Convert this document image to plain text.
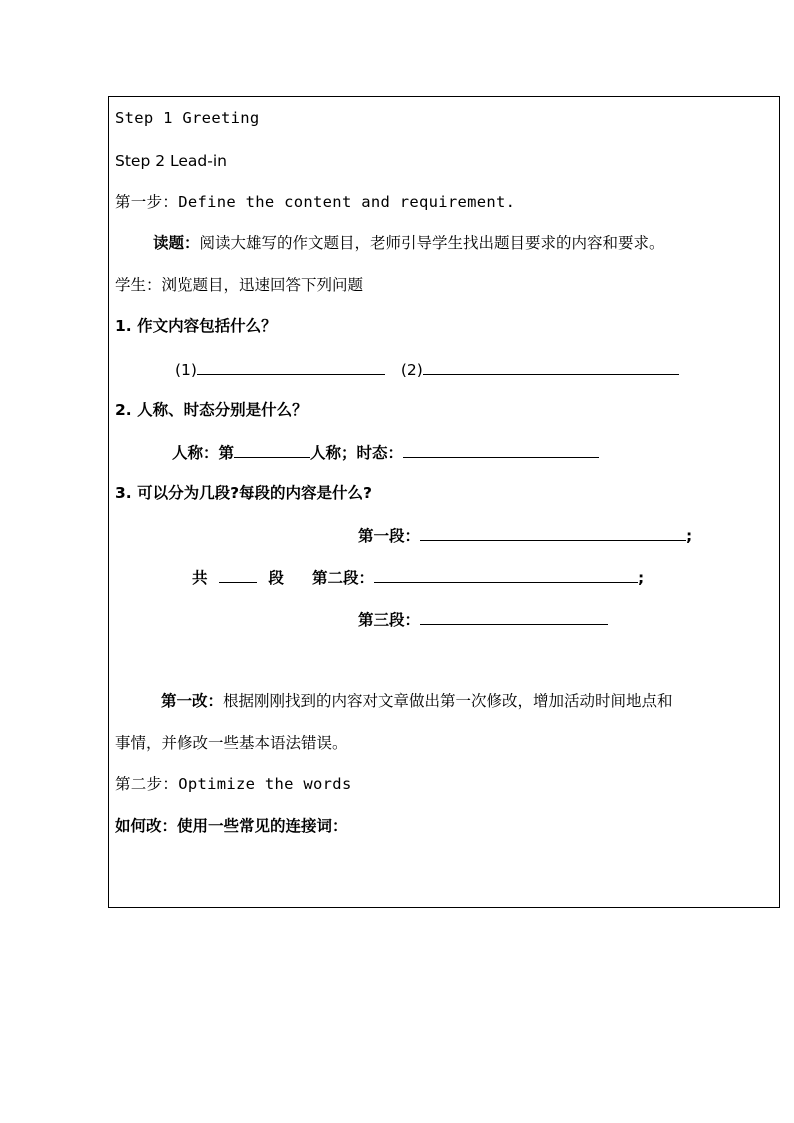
Step 1 Greeting
Step 2 Lead-in
第一步：Define the content and requirement.
读题：阅读大雄写的作文题目，老师引导学生找出题目要求的内容和要求。
学生：浏览题目，迅速回答下列问题
1. 作文内容包括什么？
(1)	(2)
2. 人称、时态分别是什么？
人称：第	人称；时态：
3. 可以分为几段?每段的内容是什么?
第一段：	;
共	段 第二段：	;
第三段：
第一改：根据刚刚找到的内容对文章做出第一次修改，增加活动时间地点和
事情，并修改一些基本语法错误。
第二步：Optimize the words
如何改：使用一些常见的连接词：
